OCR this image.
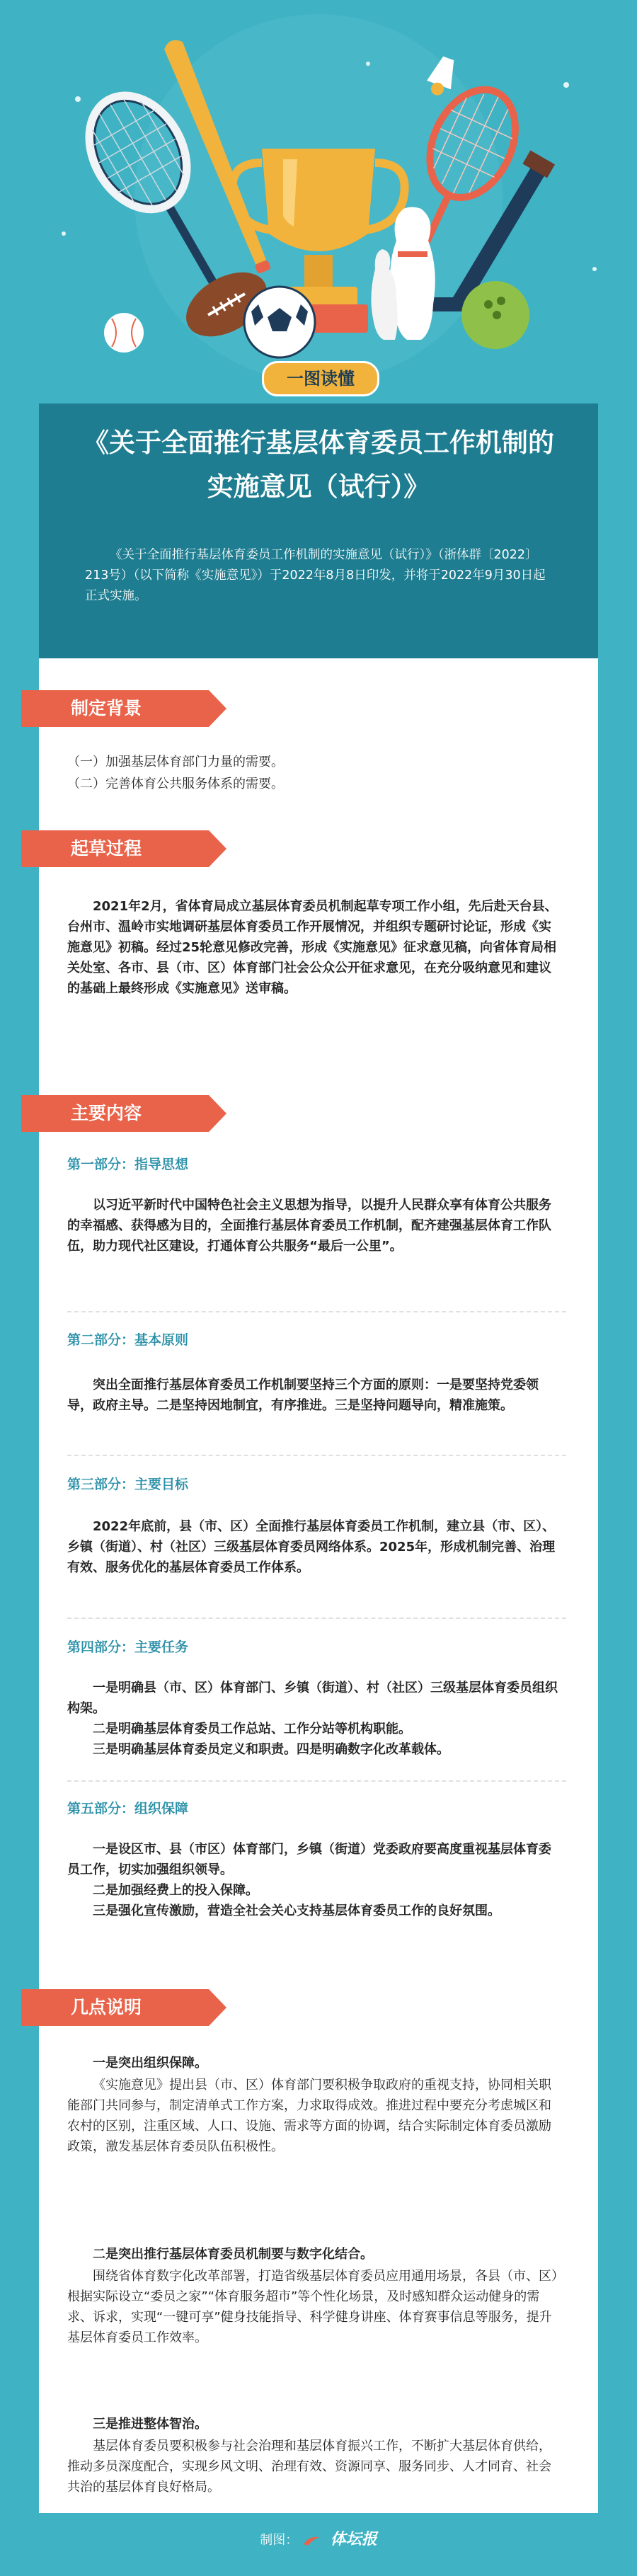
一图读懂
《关于全面推行基层体育委员工作机制的
实施意见（试行）》
《关于全面推行基层体育委员工作机制的实施意见（试行）》（浙体群〔2022〕213号）（以下简称《实施意见》）于2022年8月8日印发，并将于2022年9月30日起正式实施。
制定背景
（一）加强基层体育部门力量的需要。
（二）完善体育公共服务体系的需要。
起草过程
2021年2月，省体育局成立基层体育委员机制起草专项工作小组，先后赴天台县、台州市、温岭市实地调研基层体育委员工作开展情况，并组织专题研讨论证，形成《实施意见》初稿。经过25轮意见修改完善，形成《实施意见》征求意见稿，向省体育局相关处室、各市、县（市、区）体育部门社会公众公开征求意见，在充分吸纳意见和建议的基础上最终形成《实施意见》送审稿。
主要内容
第一部分：指导思想
以习近平新时代中国特色社会主义思想为指导，以提升人民群众享有体育公共服务的幸福感、获得感为目的，全面推行基层体育委员工作机制，配齐建强基层体育工作队伍，助力现代社区建设，打通体育公共服务“最后一公里”。
第二部分：基本原则
突出全面推行基层体育委员工作机制要坚持三个方面的原则：一是要坚持党委领导，政府主导。二是坚持因地制宜，有序推进。三是坚持问题导向，精准施策。
第三部分：主要目标
2022年底前，县（市、区）全面推行基层体育委员工作机制，建立县（市、区）、乡镇（街道）、村（社区）三级基层体育委员网络体系。2025年，形成机制完善、治理有效、服务优化的基层体育委员工作体系。
第四部分：主要任务
一是明确县（市、区）体育部门、乡镇（街道）、村（社区）三级基层体育委员组织构架。
二是明确基层体育委员工作总站、工作分站等机构职能。
三是明确基层体育委员定义和职责。四是明确数字化改革载体。
第五部分：组织保障
一是设区市、县（市区）体育部门，乡镇（街道）党委政府要高度重视基层体育委员工作，切实加强组织领导。
二是加强经费上的投入保障。
三是强化宣传激励，营造全社会关心支持基层体育委员工作的良好氛围。
几点说明
一是突出组织保障。
《实施意见》提出县（市、区）体育部门要积极争取政府的重视支持，协同相关职能部门共同参与，制定清单式工作方案，力求取得成效。推进过程中要充分考虑城区和农村的区别，注重区域、人口、设施、需求等方面的协调，结合实际制定体育委员激励政策，激发基层体育委员队伍积极性。
二是突出推行基层体育委员机制要与数字化结合。
围绕省体育数字化改革部署，打造省级基层体育委员应用通用场景，各县（市、区）根据实际设立“委员之家”“体育服务超市”等个性化场景，及时感知群众运动健身的需求、诉求，实现“一键可享”健身技能指导、科学健身讲座、体育赛事信息等服务，提升基层体育委员工作效率。
三是推进整体智治。
基层体育委员要积极参与社会治理和基层体育振兴工作，不断扩大基层体育供给，推动多员深度配合，实现乡风文明、治理有效、资源同享、服务同步、人才同育、社会共治的基层体育良好格局。
制图： 体坛报
